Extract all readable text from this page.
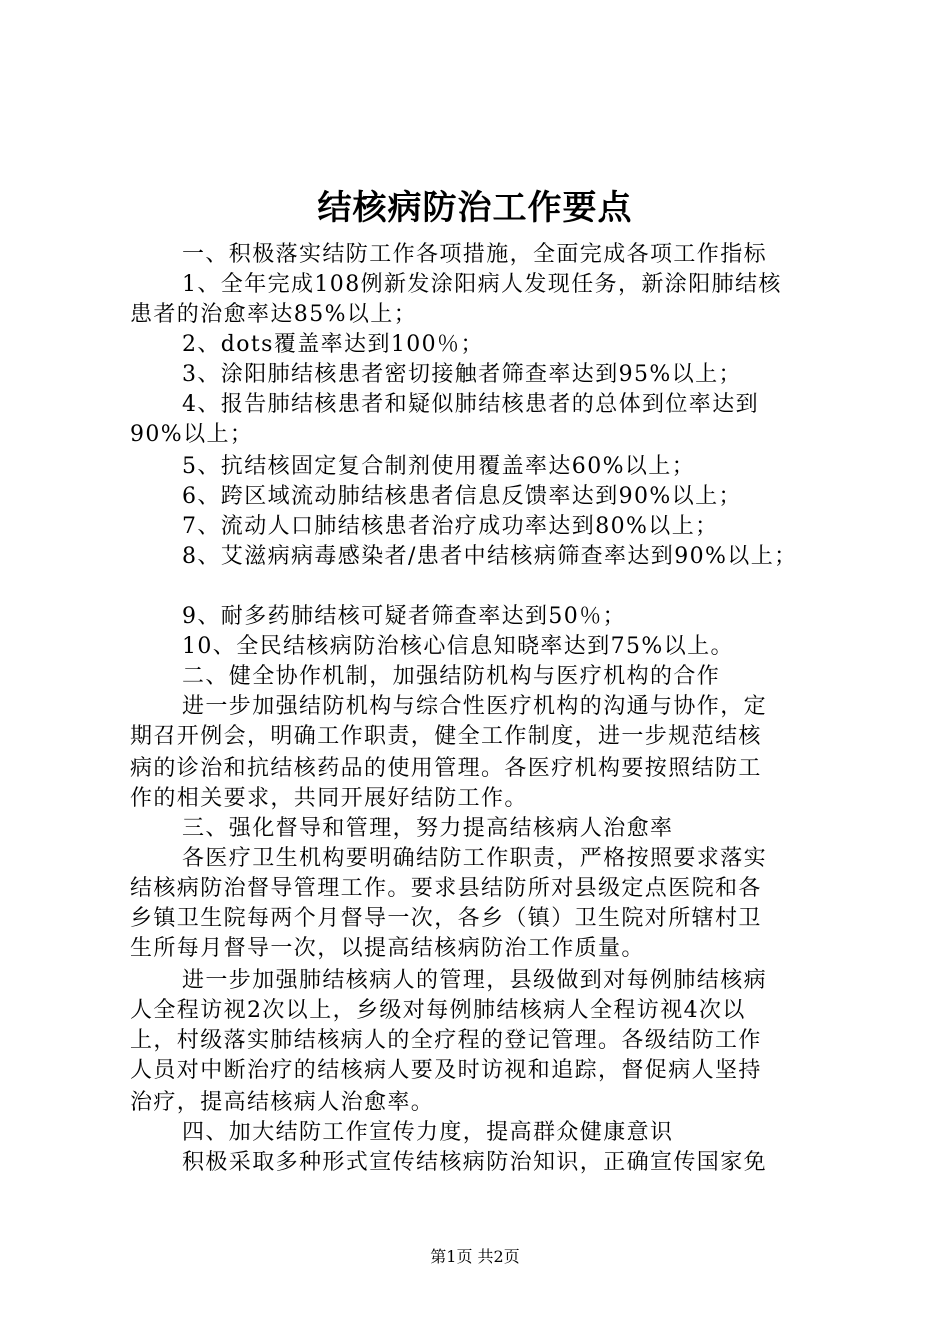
结核病防治工作要点
一、积极落实结防工作各项措施，全面完成各项工作指标
1、全年完成108例新发涂阳病人发现任务，新涂阳肺结核
患者的治愈率达85%以上；
2、dots覆盖率达到100％；
3、涂阳肺结核患者密切接触者筛查率达到95%以上；
4、报告肺结核患者和疑似肺结核患者的总体到位率达到
90%以上；
5、抗结核固定复合制剂使用覆盖率达60%以上；
6、跨区域流动肺结核患者信息反馈率达到90%以上；
7、流动人口肺结核患者治疗成功率达到80%以上；
8、艾滋病病毒感染者/患者中结核病筛查率达到90%以上；
9、耐多药肺结核可疑者筛查率达到50％；
10、全民结核病防治核心信息知晓率达到75%以上。
二、健全协作机制，加强结防机构与医疗机构的合作
进一步加强结防机构与综合性医疗机构的沟通与协作，定
期召开例会，明确工作职责，健全工作制度，进一步规范结核
病的诊治和抗结核药品的使用管理。各医疗机构要按照结防工
作的相关要求，共同开展好结防工作。
三、强化督导和管理，努力提高结核病人治愈率
各医疗卫生机构要明确结防工作职责，严格按照要求落实
结核病防治督导管理工作。要求县结防所对县级定点医院和各
乡镇卫生院每两个月督导一次，各乡（镇）卫生院对所辖村卫
生所每月督导一次，以提高结核病防治工作质量。
进一步加强肺结核病人的管理，县级做到对每例肺结核病
人全程访视2次以上，乡级对每例肺结核病人全程访视4次以
上，村级落实肺结核病人的全疗程的登记管理。各级结防工作
人员对中断治疗的结核病人要及时访视和追踪，督促病人坚持
治疗，提高结核病人治愈率。
四、加大结防工作宣传力度，提高群众健康意识
积极采取多种形式宣传结核病防治知识，正确宣传国家免
第1页 共2页
